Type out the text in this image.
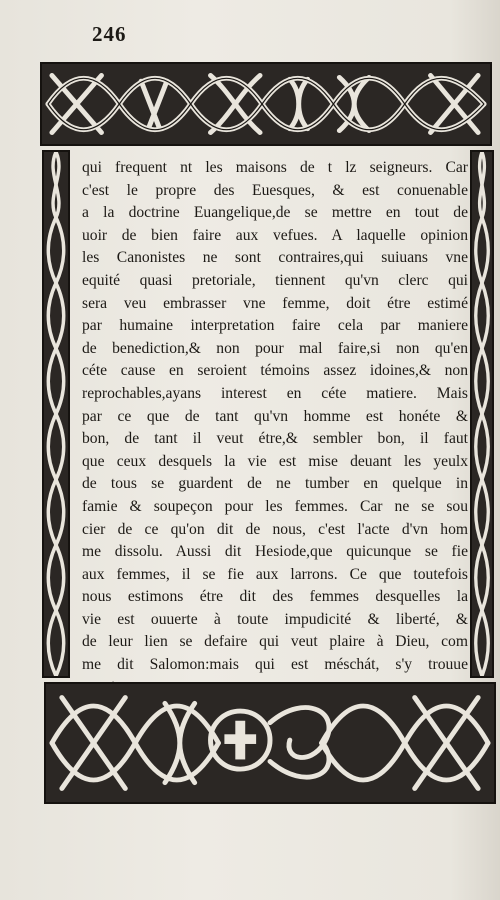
246
qui frequent nt les maisons de t lz seigneurs. Car
c'est le propre des Euesques, & est conuenable
a la doctrine Euangelique,de se mettre en tout de
uoir de bien faire aux vefues. A laquelle opinion
les Canonistes ne sont contraires,qui suiuans vne
equité quasi pretoriale, tiennent qu'vn clerc qui
sera veu embrasser vne femme, doit étre estimé
par humaine interpretation faire cela par maniere
de benediction,& non pour mal faire,si non qu'en
céte cause en seroient témoins assez idoines,& non
reprochables,ayans interest en céte matiere. Mais
par ce que de tant qu'vn homme est honéte &
bon, de tant il veut étre,& sembler bon, il faut
que ceux desquels la vie est mise deuant les yeulx
de tous se guardent de ne tumber en quelque in
famie & soupeçon pour les femmes. Car ne se sou
cier de ce qu'on dit de nous, c'est l'acte d'vn hom
me dissolu. Aussi dit Hesiode,que quicunque se fie
aux femmes, il se fie aux larrons. Ce que toutefois
nous estimons étre dit des femmes desquelles la
vie est ouuerte à toute impudicité & liberté, &
de leur lien se defaire qui veut plaire à Dieu, com
me dit Salomon:mais qui est méschát, s'y trouue
